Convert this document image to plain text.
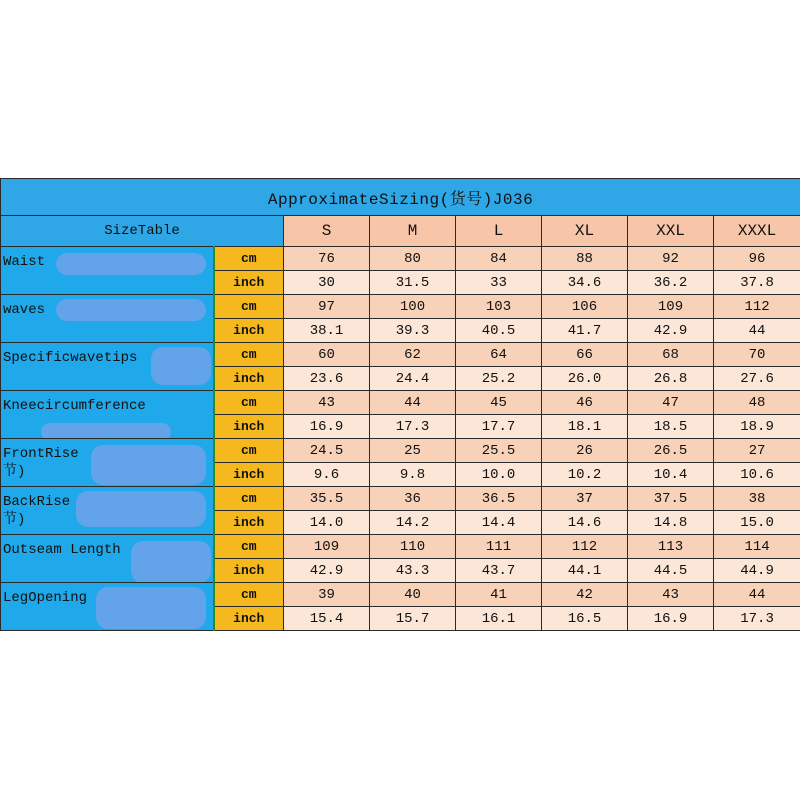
ApproximateSizing(货号)J036							
SizeTable		S	M	L	XL	XXL	XXXL

Waist	cm	76	80	84	88	92	96
	inch	30	31.5	33	34.6	36.2	37.8

waves	cm	97	100	103	106	109	112
	inch	38.1	39.3	40.5	41.7	42.9	44

Specificwavetips	cm	60	62	64	66	68	70
	inch	23.6	24.4	25.2	26.0	26.8	27.6

Kneecircumference	cm	43	44	45	46	47	48
	inch	16.9	17.3	17.7	18.1	18.5	18.9

FrontRise
节)	cm	24.5	25	25.5	26	26.5	27
	inch	9.6	9.8	10.0	10.2	10.4	10.6

BackRise
节)	cm	35.5	36	36.5	37	37.5	38
	inch	14.0	14.2	14.4	14.6	14.8	15.0

Outseam Length	cm	109	110	111	112	113	114
	inch	42.9	43.3	43.7	44.1	44.5	44.9

LegOpening	cm	39	40	41	42	43	44
	inch	15.4	15.7	16.1	16.5	16.9	17.3
